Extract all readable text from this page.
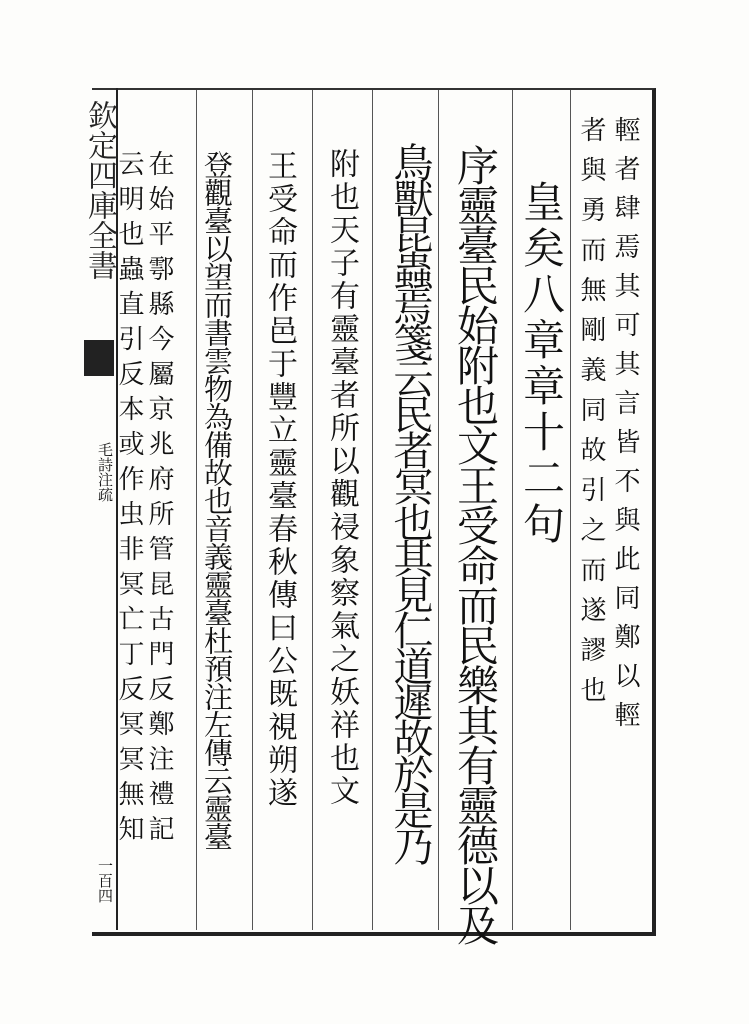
欽定四庫全書
毛詩注疏
一百四
輕者肆焉其可其言皆不與此同鄭以輕
者與勇而無剛義同故引之而遂謬也
皇矣八章章十二句
序靈臺民始附也文王受命而民樂其有靈德以及
鳥獸昆蟲焉箋云民者冥也其見仁道遲故於是乃
附也天子有靈臺者所以觀祲象察氣之妖祥也文
王受命而作邑于豐立靈臺春秋傳曰公既視朔遂
登觀臺以望而書雲物為備故也音義靈臺杜預注左傳云靈臺
在始平鄠縣今屬京兆府所管昆古門反鄭注禮記
云明也蟲直引反本或作虫非冥亡丁反冥冥無知
